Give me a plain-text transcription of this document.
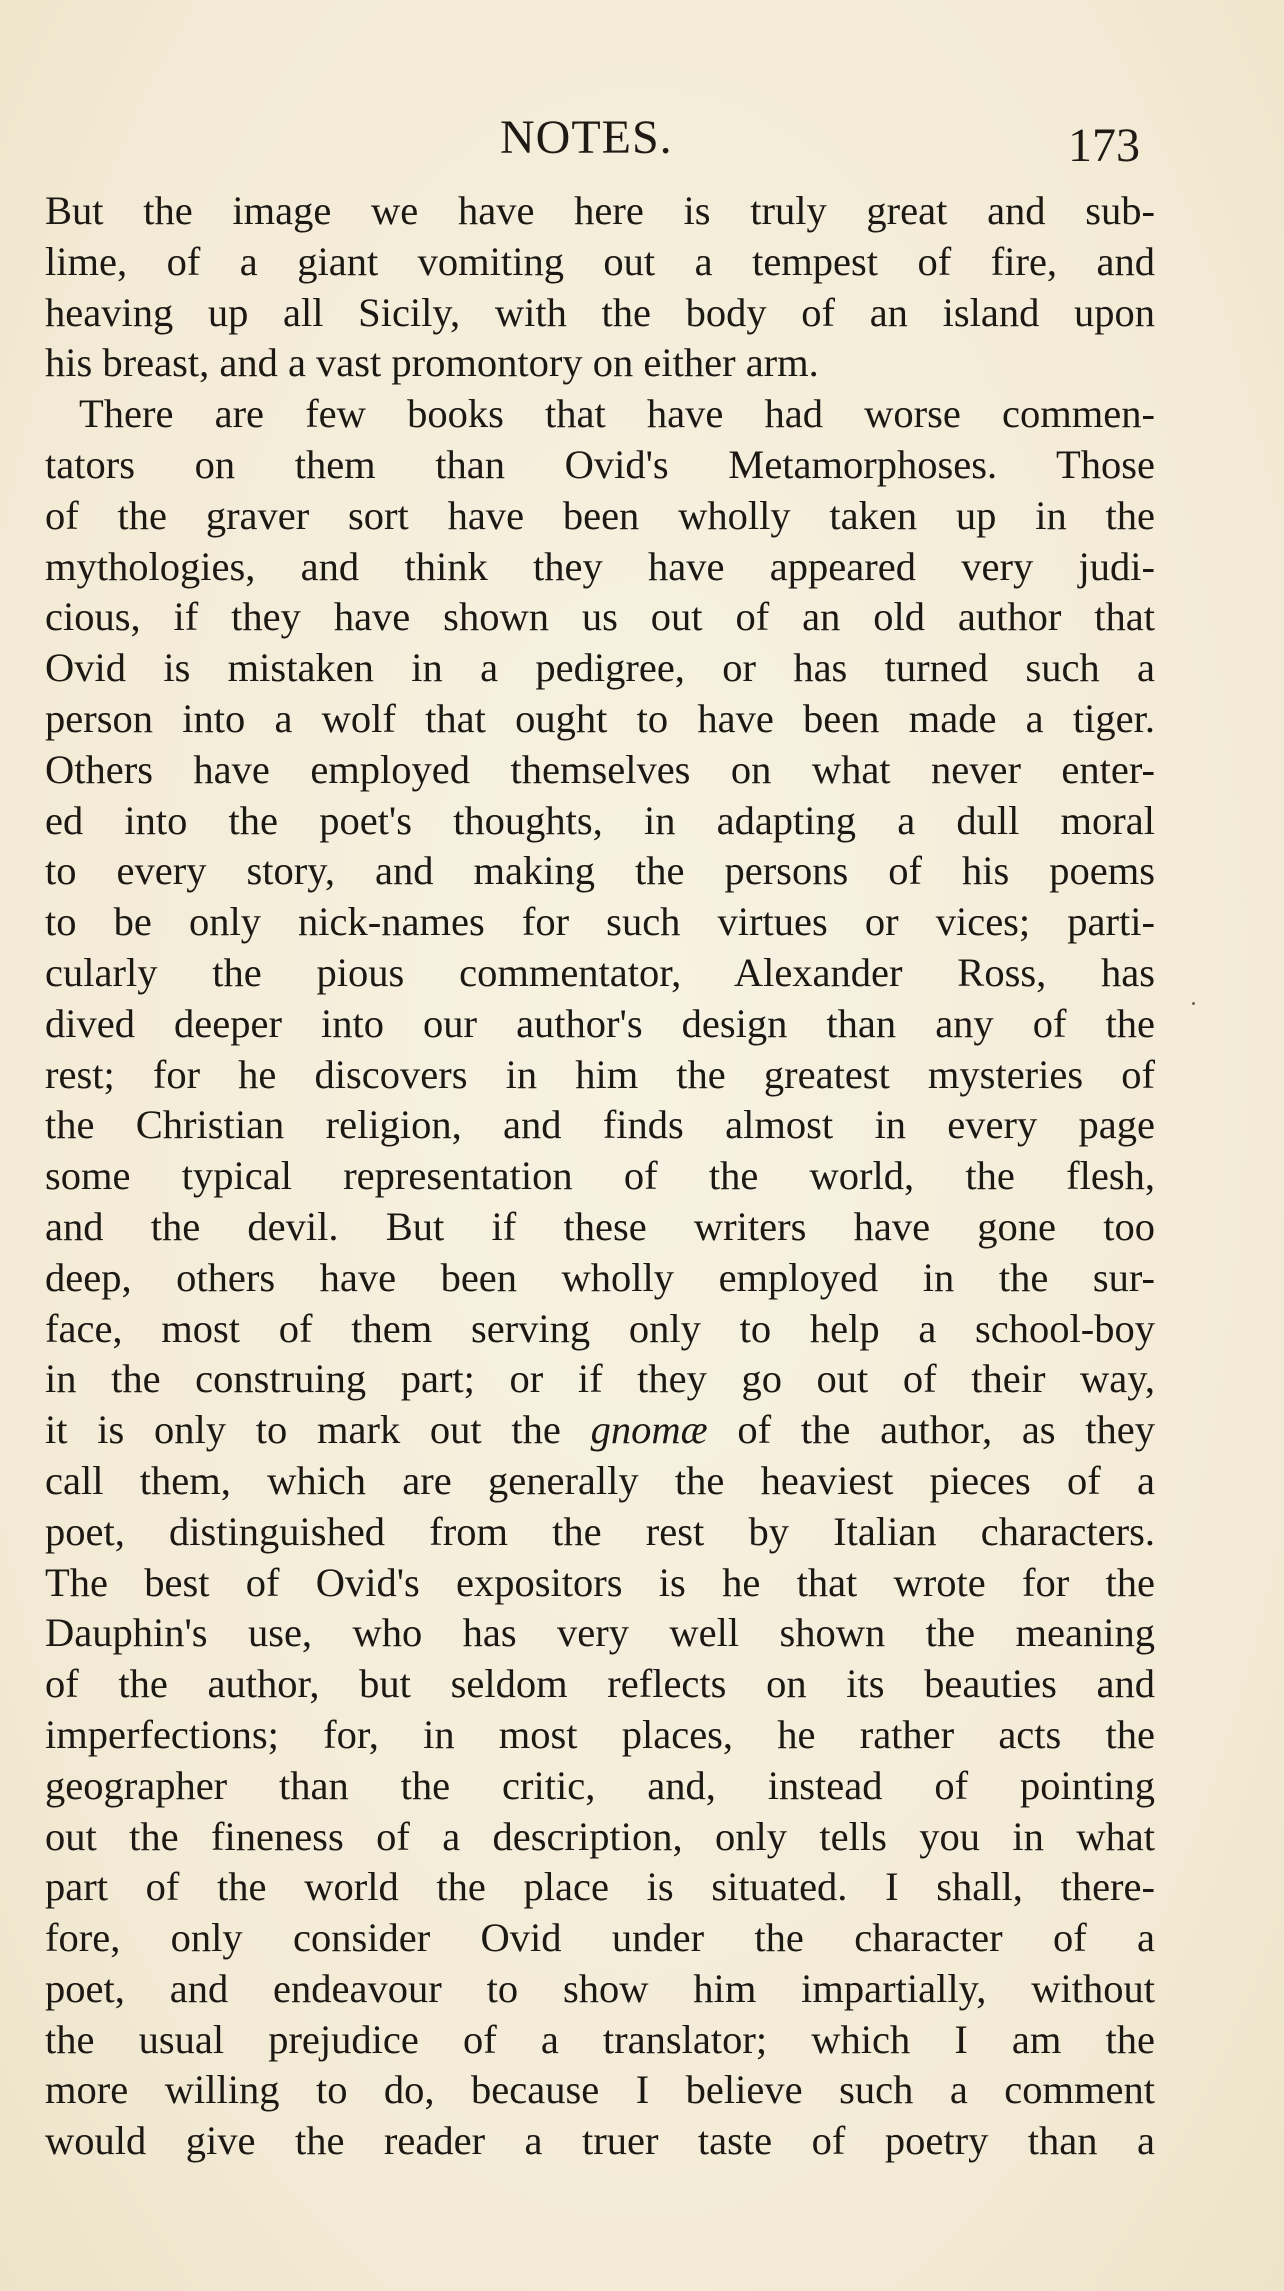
NOTES.	173
But the image we have here is truly great and sub-
lime, of a giant vomiting out a tempest of fire, and
heaving up all Sicily, with the body of an island upon
his breast, and a vast promontory on either arm.
There are few books that have had worse commen-
tators on them than Ovid's Metamorphoses. Those
of the graver sort have been wholly taken up in the
mythologies, and think they have appeared very judi-
cious, if they have shown us out of an old author that
Ovid is mistaken in a pedigree, or has turned such a
person into a wolf that ought to have been made a tiger.
Others have employed themselves on what never enter-
ed into the poet's thoughts, in adapting a dull moral
to every story, and making the persons of his poems
to be only nick-names for such virtues or vices; parti-
cularly the pious commentator, Alexander Ross, has
dived deeper into our author's design than any of the
rest; for he discovers in him the greatest mysteries of
the Christian religion, and finds almost in every page
some typical representation of the world, the flesh,
and the devil. But if these writers have gone too
deep, others have been wholly employed in the sur-
face, most of them serving only to help a school-boy
in the construing part; or if they go out of their way,
it is only to mark out the gnomæ of the author, as they
call them, which are generally the heaviest pieces of a
poet, distinguished from the rest by Italian characters.
The best of Ovid's expositors is he that wrote for the
Dauphin's use, who has very well shown the meaning
of the author, but seldom reflects on its beauties and
imperfections; for, in most places, he rather acts the
geographer than the critic, and, instead of pointing
out the fineness of a description, only tells you in what
part of the world the place is situated. I shall, there-
fore, only consider Ovid under the character of a
poet, and endeavour to show him impartially, without
the usual prejudice of a translator; which I am the
more willing to do, because I believe such a comment
would give the reader a truer taste of poetry than a
